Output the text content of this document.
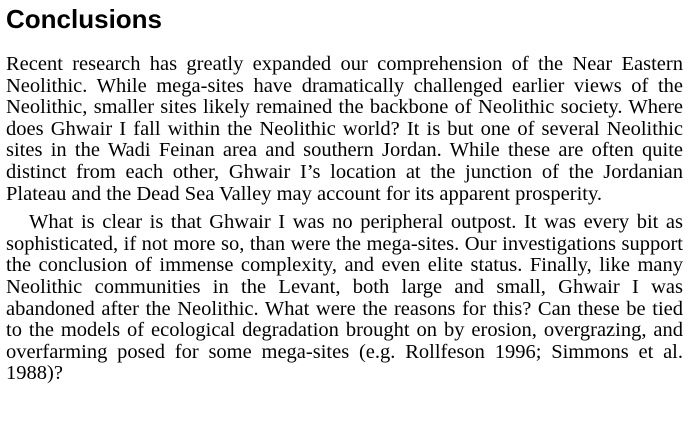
Conclusions

Recent research has greatly expanded our comprehension of the Near Eastern Neolithic. While mega-sites have dramatically challenged earlier views of the Neolithic, smaller sites likely remained the backbone of Neolithic society. Where does Ghwair I fall within the Neolithic world? It is but one of several Neolithic sites in the Wadi Feinan area and southern Jordan. While these are often quite distinct from each other, Ghwair I’s location at the junction of the Jordanian Plateau and the Dead Sea Valley may account for its apparent prosperity.

What is clear is that Ghwair I was no peripheral outpost. It was every bit as sophisticated, if not more so, than were the mega-sites. Our investigations support the conclusion of immense complexity, and even elite status. Finally, like many Neolithic communities in the Levant, both large and small, Ghwair I was abandoned after the Neolithic. What were the reasons for this? Can these be tied to the models of ecological degradation brought on by erosion, overgrazing, and overfarming posed for some mega-sites (e.g. Rollfeson 1996; Simmons et al. 1988)?
